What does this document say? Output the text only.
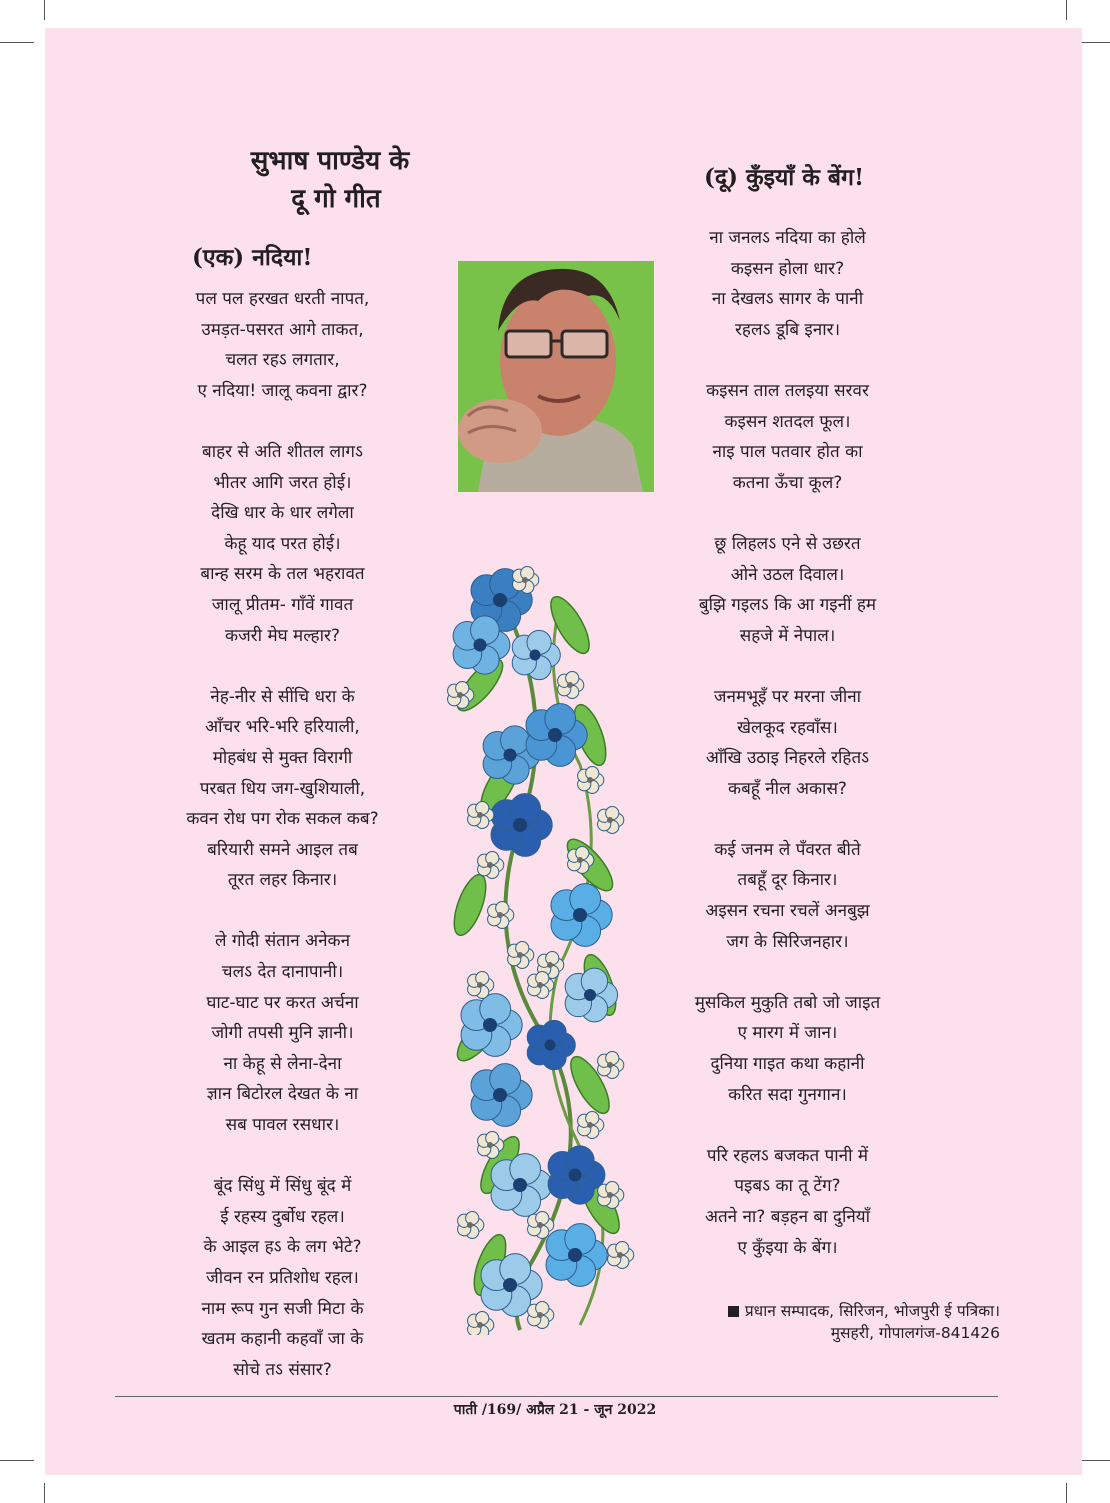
सुभाष पाण्डेय के
दू गो गीत
(एक) नदिया!
पल पल हरखत धरती नापत,
उमड़त-पसरत आगे ताकत,
चलत रहऽ लगतार,
ए नदिया! जालू कवना द्वार?
बाहर से अति शीतल लागऽ
भीतर आगि जरत होई।
देखि धार के धार लगेला
केहू याद परत होई।
बान्ह सरम के तल भहरावत
जालू प्रीतम- गाँवें गावत
कजरी मेघ मल्हार?
नेह-नीर से सींचि धरा के
आँचर भरि-भरि हरियाली,
मोहबंध से मुक्त विरागी
परबत धिय जग-खुशियाली,
कवन रोध पग रोक सकल कब?
बरियारी समने आइल तब
तूरत लहर किनार।
ले गोदी संतान अनेकन
चलऽ देत दानापानी।
घाट-घाट पर करत अर्चना
जोगी तपसी मुनि ज्ञानी।
ना केहू से लेना-देना
ज्ञान बिटोरल देखत के ना
सब पावल रसधार।
बूंद सिंधु में सिंधु बूंद में
ई रहस्य दुर्बोध रहल।
के आइल हऽ के लग भेटे?
जीवन रन प्रतिशोध रहल।
नाम रूप गुन सजी मिटा के
खतम कहानी कहवाँ जा के
सोचे तऽ संसार?
(दू) कुँइयाँ के बेंग!
ना जनलऽ नदिया का होले
कइसन होला धार?
ना देखलऽ सागर के पानी
रहलऽ डूबि इनार।
कइसन ताल तलइया सरवर
कइसन शतदल फूल।
नाइ पाल पतवार होत का
कतना ऊँचा कूल?
छू लिहलऽ एने से उछरत
ओने उठल दिवाल।
बुझि गइलऽ कि आ गइनीं हम
सहजे में नेपाल।
जनमभूइँ पर मरना जीना
खेलकूद रहवाँस।
आँखि उठाइ निहरले रहितऽ
कबहूँ नील अकास?
कई जनम ले पँवरत बीते
तबहूँ दूर किनार।
अइसन रचना रचलें अनबुझ
जग के सिरिजनहार।
मुसकिल मुकुति तबो जो जाइत
ए मारग में जान।
दुनिया गाइत कथा कहानी
करित सदा गुनगान।
परि रहलऽ बजकत पानी में
पइबऽ का तू टेंग?
अतने ना? बड़हन बा दुनियाँ
ए कुँइया के बेंग।
प्रधान सम्पादक, सिरिजन, भोजपुरी ई पत्रिका।
मुसहरी, गोपालगंज-841426
पाती /169/ अप्रैल 21 - जून 2022
